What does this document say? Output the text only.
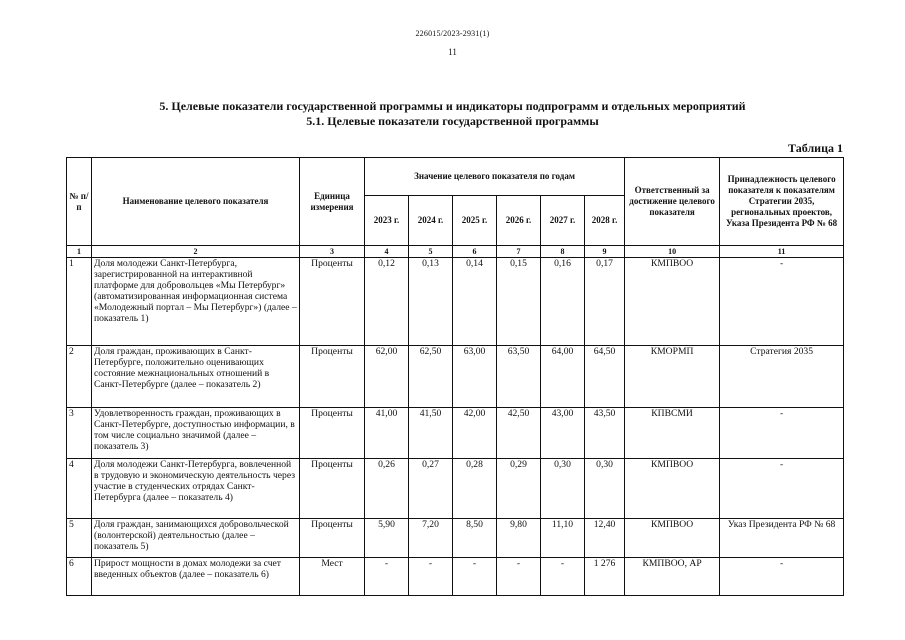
226015/2023-2931(1)
11
5. Целевые показатели государственной программы и индикаторы подпрограмм и отдельных мероприятий
5.1. Целевые показатели государственной программы
Таблица 1
№ п/п	Наименование целевого показателя	Единица измерения	Значение целевого показателя по годам						Ответственный за достижение целевого показателя	Принадлежность целевого показателя к показателям Стратегии 2035, региональных проектов, Указа Президента РФ № 68
			2023 г.	2024 г.	2025 г.	2026 г.	2027 г.	2028 г.		
1	2	3	4	5	6	7	8	9	10	11
1	Доля молодежи Санкт-Петербурга, зарегистрированной на интерактивной платформе для добровольцев «Мы Петербург» (автоматизированная информационная система «Молодежный портал – Мы Петербург») (далее – показатель 1)	Проценты	0,12	0,13	0,14	0,15	0,16	0,17	КМПВОО	-
2	Доля граждан, проживающих в Санкт-Петербурге, положительно оценивающих состояние межнациональных отношений в Санкт-Петербурге (далее – показатель 2)	Проценты	62,00	62,50	63,00	63,50	64,00	64,50	КМОРМП	Стратегия 2035
3	Удовлетворенность граждан, проживающих в Санкт-Петербурге, доступностью информации, в том числе социально значимой (далее – показатель 3)	Проценты	41,00	41,50	42,00	42,50	43,00	43,50	КПВСМИ	-
4	Доля молодежи Санкт-Петербурга, вовлеченной в трудовую и экономическую деятельность через участие в студенческих отрядах Санкт-Петербурга (далее – показатель 4)	Проценты	0,26	0,27	0,28	0,29	0,30	0,30	КМПВОО	-
5	Доля граждан, занимающихся добровольческой (волонтерской) деятельностью (далее – показатель 5)	Проценты	5,90	7,20	8,50	9,80	11,10	12,40	КМПВОО	Указ Президента РФ № 68
6	Прирост мощности в домах молодежи за счет введенных объектов (далее – показатель 6)	Мест	-	-	-	-	-	1 276	КМПВОО, АР	-
